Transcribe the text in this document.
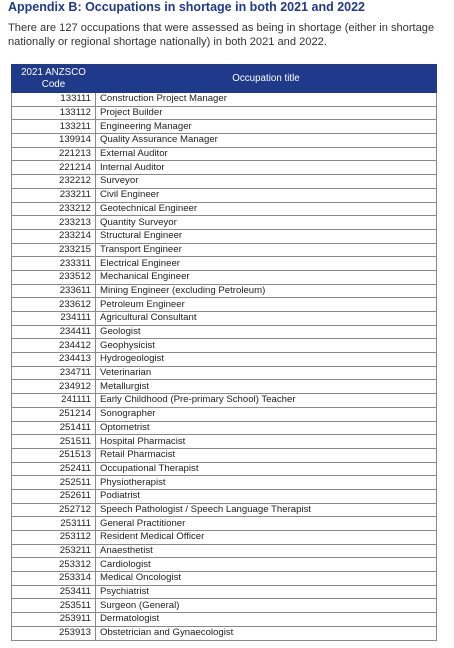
Appendix B: Occupations in shortage in both 2021 and 2022
There are 127 occupations that were assessed as being in shortage (either in shortage nationally or regional shortage nationally) in both 2021 and 2022.
2021 ANZSCO Code	Occupation title
133111	Construction Project Manager
133112	Project Builder
133211	Engineering Manager
139914	Quality Assurance Manager
221213	External Auditor
221214	Internal Auditor
232212	Surveyor
233211	Civil Engineer
233212	Geotechnical Engineer
233213	Quantity Surveyor
233214	Structural Engineer
233215	Transport Engineer
233311	Electrical Engineer
233512	Mechanical Engineer
233611	Mining Engineer (excluding Petroleum)
233612	Petroleum Engineer
234111	Agricultural Consultant
234411	Geologist
234412	Geophysicist
234413	Hydrogeologist
234711	Veterinarian
234912	Metallurgist
241111	Early Childhood (Pre-primary School) Teacher
251214	Sonographer
251411	Optometrist
251511	Hospital Pharmacist
251513	Retail Pharmacist
252411	Occupational Therapist
252511	Physiotherapist
252611	Podiatrist
252712	Speech Pathologist / Speech Language Therapist
253111	General Practitioner
253112	Resident Medical Officer
253211	Anaesthetist
253312	Cardiologist
253314	Medical Oncologist
253411	Psychiatrist
253511	Surgeon (General)
253911	Dermatologist
253913	Obstetrician and Gynaecologist
